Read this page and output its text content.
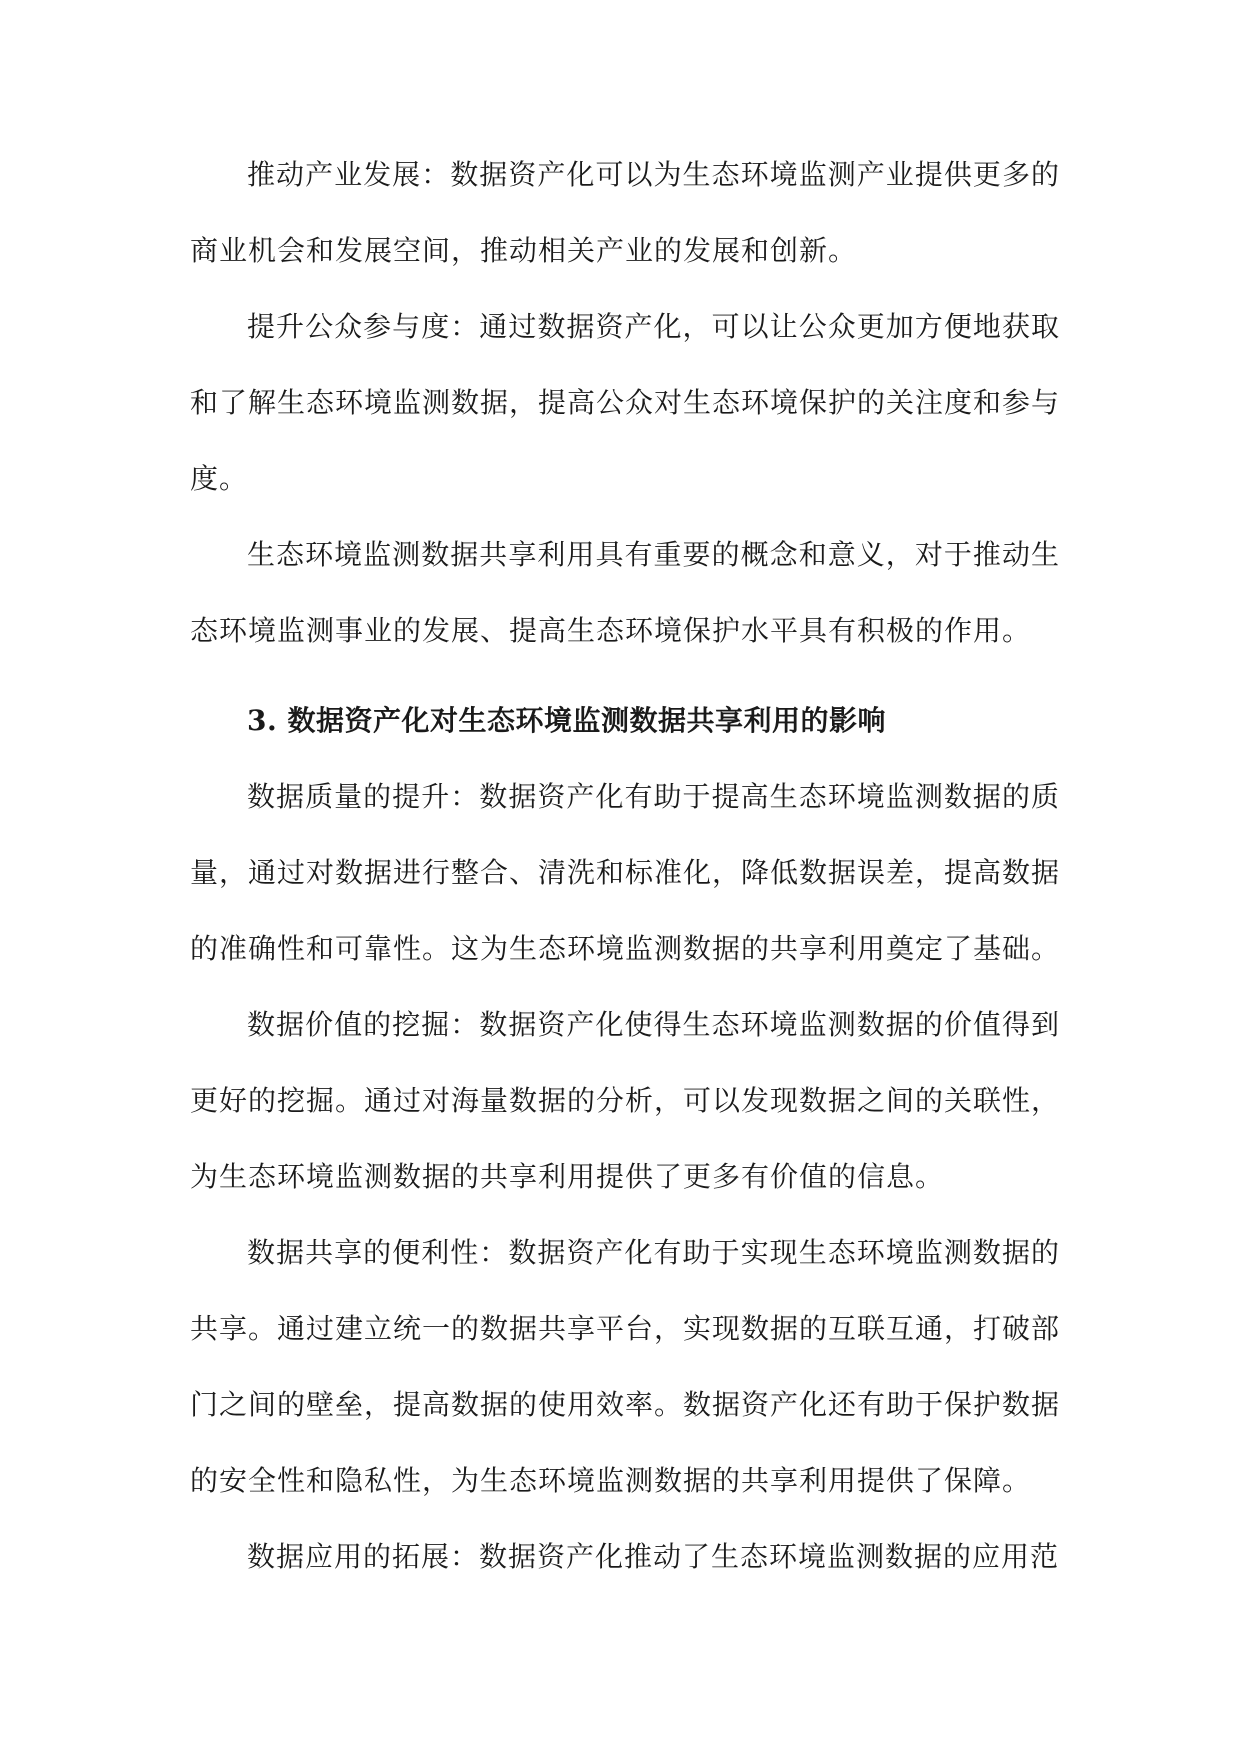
推动产业发展：数据资产化可以为生态环境监测产业提供更多的商业机会和发展空间，推动相关产业的发展和创新。

提升公众参与度：通过数据资产化，可以让公众更加方便地获取和了解生态环境监测数据，提高公众对生态环境保护的关注度和参与度。

生态环境监测数据共享利用具有重要的概念和意义，对于推动生态环境监测事业的发展、提高生态环境保护水平具有积极的作用。

3. 数据资产化对生态环境监测数据共享利用的影响

数据质量的提升：数据资产化有助于提高生态环境监测数据的质量，通过对数据进行整合、清洗和标准化，降低数据误差，提高数据的准确性和可靠性。这为生态环境监测数据的共享利用奠定了基础。

数据价值的挖掘：数据资产化使得生态环境监测数据的价值得到更好的挖掘。通过对海量数据的分析，可以发现数据之间的关联性，为生态环境监测数据的共享利用提供了更多有价值的信息。

数据共享的便利性：数据资产化有助于实现生态环境监测数据的共享。通过建立统一的数据共享平台，实现数据的互联互通，打破部门之间的壁垒，提高数据的使用效率。数据资产化还有助于保护数据的安全性和隐私性，为生态环境监测数据的共享利用提供了保障。

数据应用的拓展：数据资产化推动了生态环境监测数据的应用范
